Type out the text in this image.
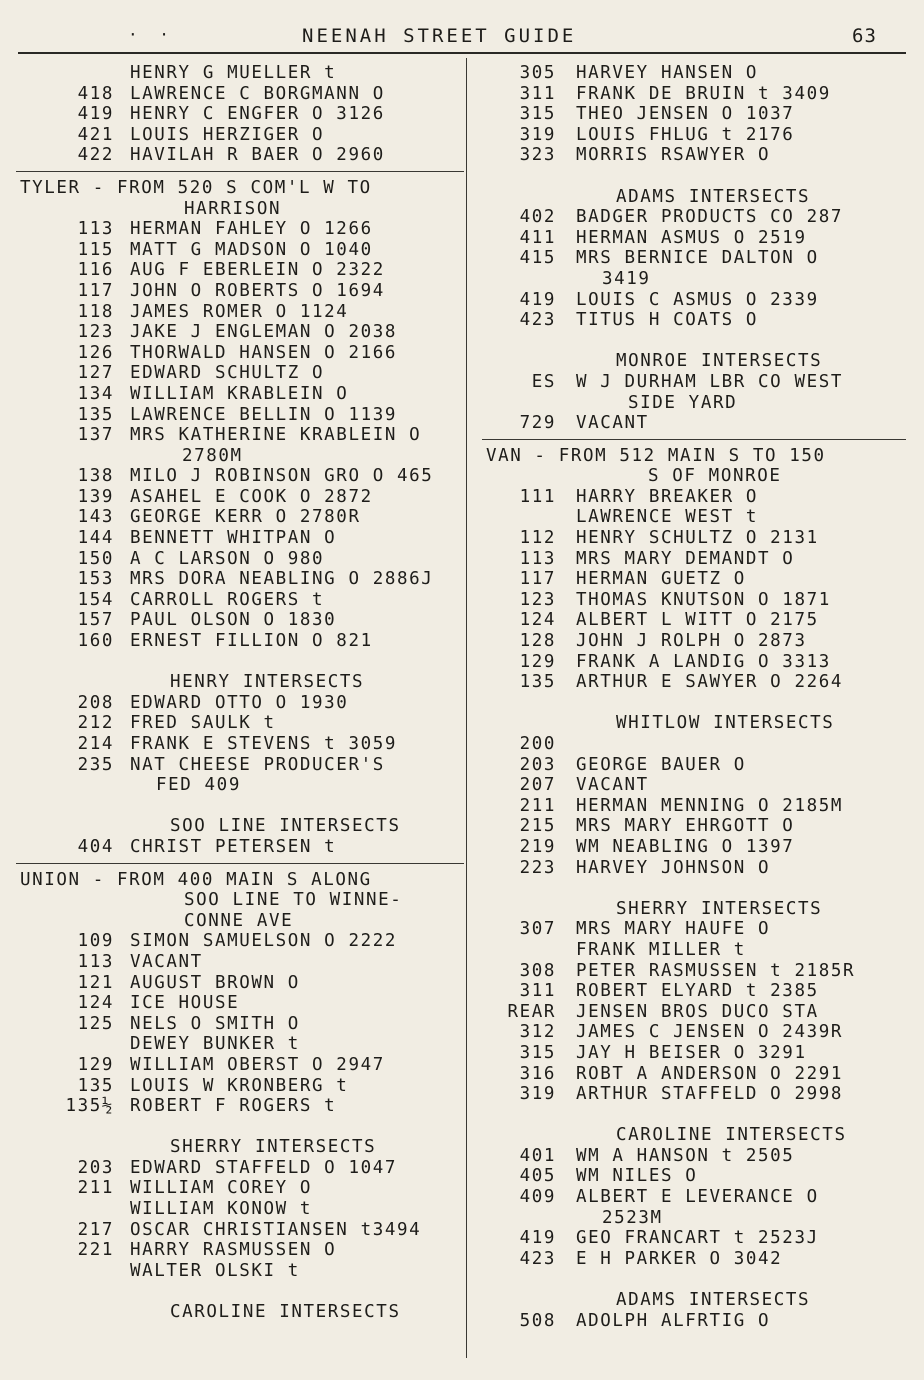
· ·	NEENAH STREET GUIDE	63
HENRY G MUELLER t
418 LAWRENCE C BORGMANN O
419 HENRY C ENGFER O 3126
421 LOUIS HERZIGER O
422 HAVILAH R BAER O 2960
TYLER - FROM 520 S COM'L W TO
HARRISON
113 HERMAN FAHLEY O 1266
115 MATT G MADSON O 1040
116 AUG F EBERLEIN O 2322
117 JOHN O ROBERTS O 1694
118 JAMES ROMER O 1124
123 JAKE J ENGLEMAN O 2038
126 THORWALD HANSEN O 2166
127 EDWARD SCHULTZ O
134 WILLIAM KRABLEIN O
135 LAWRENCE BELLIN O 1139
137 MRS KATHERINE KRABLEIN O
2780M
138 MILO J ROBINSON GRO O 465
139 ASAHEL E COOK O 2872
143 GEORGE KERR O 2780R
144 BENNETT WHITPAN O
150 A C LARSON O 980
153 MRS DORA NEABLING O 2886J
154 CARROLL ROGERS t
157 PAUL OLSON O 1830
160 ERNEST FILLION O 821
HENRY INTERSECTS
208 EDWARD OTTO O 1930
212 FRED SAULK t
214 FRANK E STEVENS t 3059
235 NAT CHEESE PRODUCER'S
FED 409
SOO LINE INTERSECTS
404 CHRIST PETERSEN t
UNION - FROM 400 MAIN S ALONG
SOO LINE TO WINNE-
CONNE AVE
109 SIMON SAMUELSON O 2222
113 VACANT
121 AUGUST BROWN O
124 ICE HOUSE
125 NELS O SMITH O
DEWEY BUNKER t
129 WILLIAM OBERST O 2947
135 LOUIS W KRONBERG t
135½ ROBERT F ROGERS t
SHERRY INTERSECTS
203 EDWARD STAFFELD O 1047
211 WILLIAM COREY O
WILLIAM KONOW t
217 OSCAR CHRISTIANSEN t3494
221 HARRY RASMUSSEN O
WALTER OLSKI t
CAROLINE INTERSECTS
305	HARVEY HANSEN O
311	FRANK DE BRUIN t 3409
315	THEO JENSEN O 1037
319	LOUIS FHLUG t 2176
323	MORRIS RSAWYER O
ADAMS INTERSECTS
402	BADGER PRODUCTS CO 287
411	HERMAN ASMUS O 2519
415	MRS BERNICE DALTON O
3419
419	LOUIS C ASMUS O 2339
423	TITUS H COATS O
MONROE INTERSECTS
ES	W J DURHAM LBR CO WEST
SIDE YARD
729	VACANT
VAN - FROM 512 MAIN S TO 150
S OF MONROE
111	HARRY BREAKER O
LAWRENCE WEST t
112	HENRY SCHULTZ O 2131
113	MRS MARY DEMANDT O
117	HERMAN GUETZ O
123	THOMAS KNUTSON O 1871
124	ALBERT L WITT O 2175
128	JOHN J ROLPH O 2873
129	FRANK A LANDIG O 3313
135	ARTHUR E SAWYER O 2264
WHITLOW INTERSECTS
200
203	GEORGE BAUER O
207	VACANT
211	HERMAN MENNING O 2185M
215	MRS MARY EHRGOTT O
219	WM NEABLING O 1397
223	HARVEY JOHNSON O
SHERRY INTERSECTS
307	MRS MARY HAUFE O
FRANK MILLER t
308	PETER RASMUSSEN t 2185R
311	ROBERT ELYARD t 2385
REAR	JENSEN BROS DUCO STA
312	JAMES C JENSEN O 2439R
315	JAY H BEISER O 3291
316	ROBT A ANDERSON O 2291
319	ARTHUR STAFFELD O 2998
CAROLINE INTERSECTS
401	WM A HANSON t 2505
405	WM NILES O
409	ALBERT E LEVERANCE O
2523M
419	GEO FRANCART t 2523J
423	E H PARKER O 3042
ADAMS INTERSECTS
508	ADOLPH ALFRTIG O
